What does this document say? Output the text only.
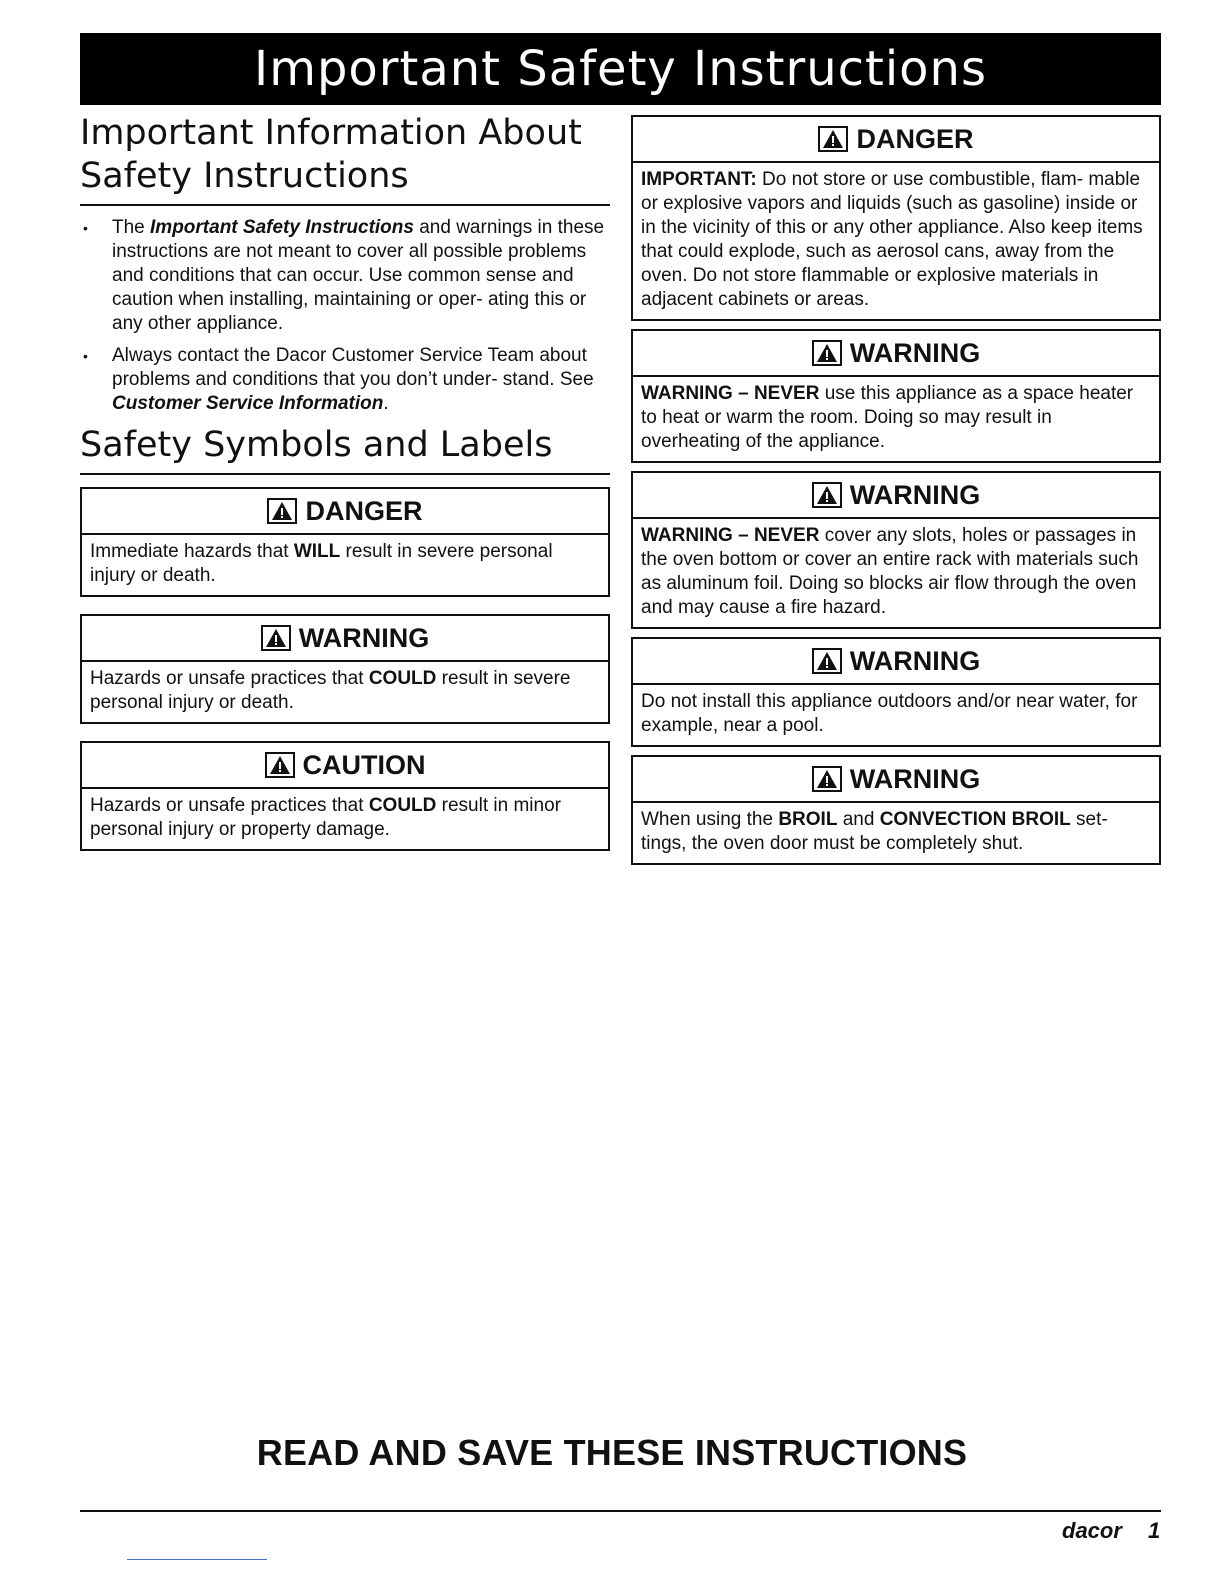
Important Safety Instructions
Important Information About Safety Instructions
• The Important Safety Instructions and warnings in these instructions are not meant to cover all possible problems and conditions that can occur. Use common sense and caution when installing, maintaining or oper- ating this or any other appliance.
• Always contact the Dacor Customer Service Team about problems and conditions that you don’t under- stand. See Customer Service Information.
Safety Symbols and Labels
DANGER
Immediate hazards that WILL result in severe personal injury or death.
WARNING
Hazards or unsafe practices that COULD result in severe personal injury or death.
CAUTION
Hazards or unsafe practices that COULD result in minor personal injury or property damage.
DANGER
IMPORTANT: Do not store or use combustible, flam- mable or explosive vapors and liquids (such as gasoline) inside or in the vicinity of this or any other appliance. Also keep items that could explode, such as aerosol cans, away from the oven. Do not store flammable or explosive materials in adjacent cabinets or areas.
WARNING
WARNING – NEVER use this appliance as a space heater to heat or warm the room. Doing so may result in overheating of the appliance.
WARNING
WARNING – NEVER cover any slots, holes or passages in the oven bottom or cover an entire rack with materials such as aluminum foil. Doing so blocks air flow through the oven and may cause a fire hazard.
WARNING
Do not install this appliance outdoors and/or near water, for example, near a pool.
WARNING
When using the BROIL and CONVECTION BROIL set- tings, the oven door must be completely shut.
READ AND SAVE THESE INSTRUCTIONS
dacor 1
